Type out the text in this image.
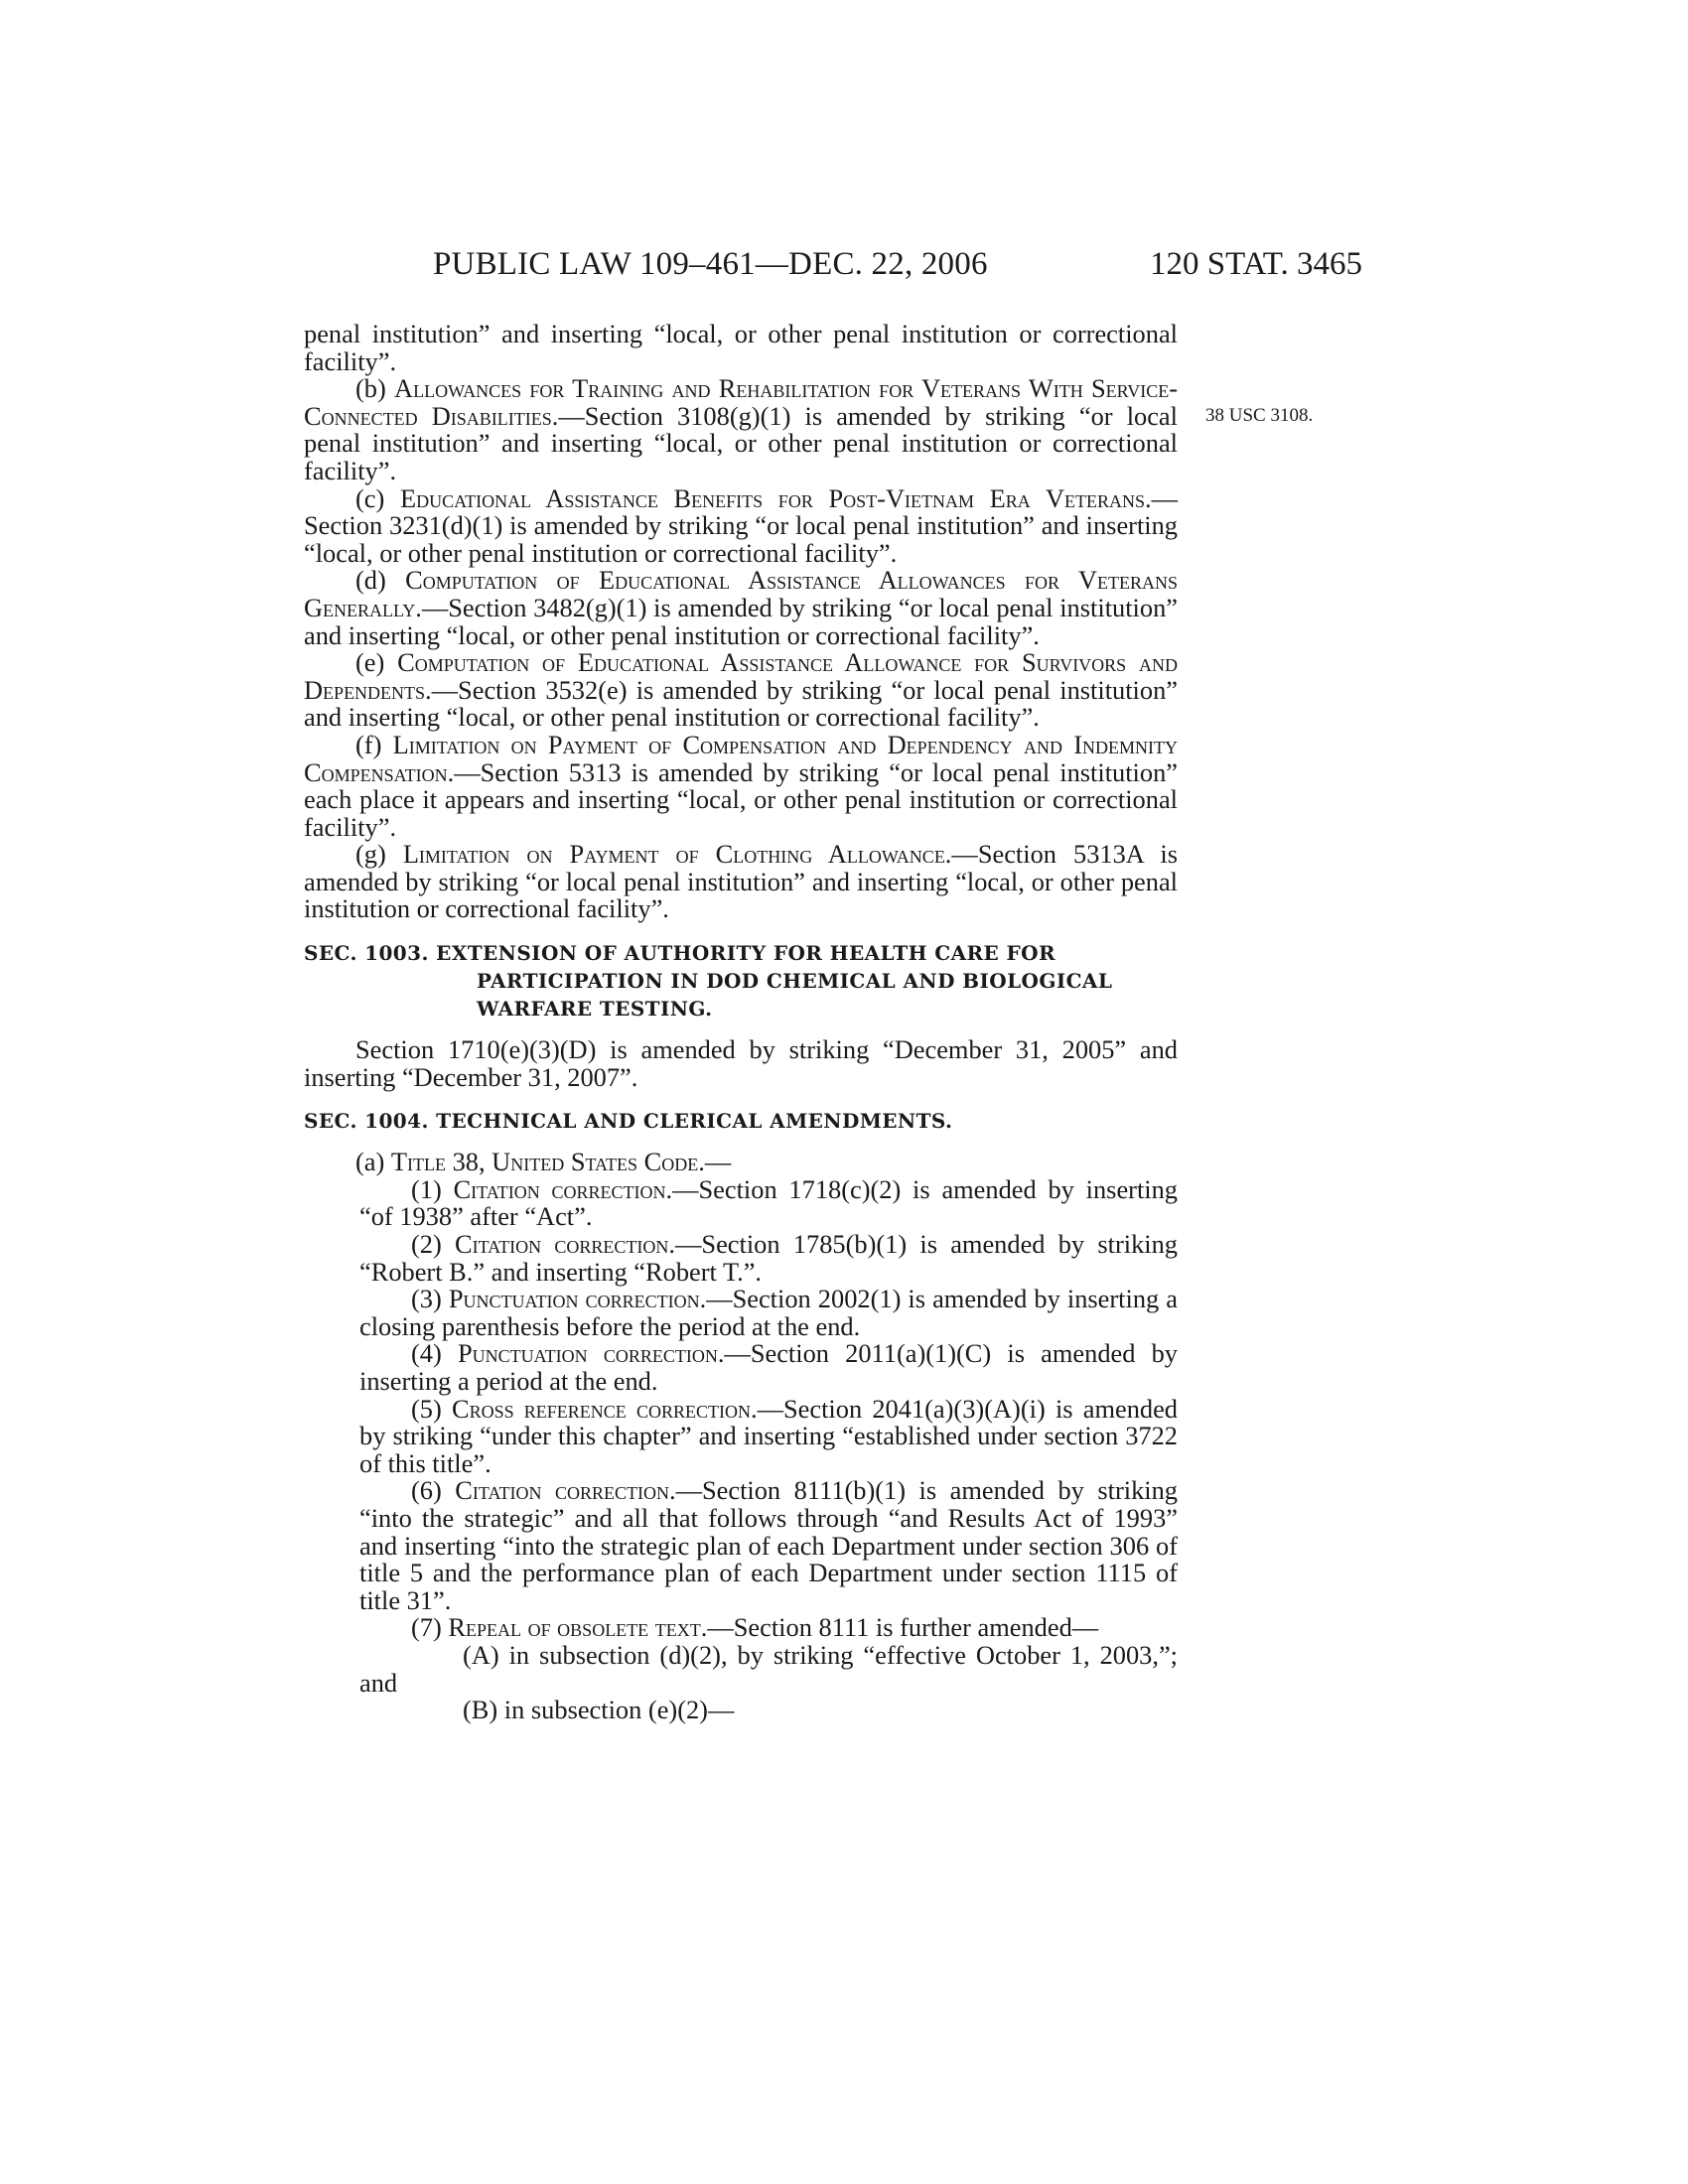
PUBLIC LAW 109–461—DEC. 22, 2006	120 STAT. 3465
38 USC 3108.

penal institution” and inserting “local, or other penal institution or correctional facility”.

(b) Allowances for Training and Rehabilitation for Veterans With Service-Connected Disabilities.—Section 3108(g)(1) is amended by striking “or local penal institution” and inserting “local, or other penal institution or correctional facility”.

(c) Educational Assistance Benefits for Post-Vietnam Era Veterans.—Section 3231(d)(1) is amended by striking “or local penal institution” and inserting “local, or other penal institution or correctional facility”.

(d) Computation of Educational Assistance Allowances for Veterans Generally.—Section 3482(g)(1) is amended by striking “or local penal institution” and inserting “local, or other penal institution or correctional facility”.

(e) Computation of Educational Assistance Allowance for Survivors and Dependents.—Section 3532(e) is amended by striking “or local penal institution” and inserting “local, or other penal institution or correctional facility”.

(f) Limitation on Payment of Compensation and Dependency and Indemnity Compensation.—Section 5313 is amended by striking “or local penal institution” each place it appears and inserting “local, or other penal institution or correctional facility”.

(g) Limitation on Payment of Clothing Allowance.—Section 5313A is amended by striking “or local penal institution” and inserting “local, or other penal institution or correctional facility”.

SEC. 1003. EXTENSION OF AUTHORITY FOR HEALTH CARE FOR PARTICIPATION IN DOD CHEMICAL AND BIOLOGICAL WARFARE TESTING.

Section 1710(e)(3)(D) is amended by striking “December 31, 2005” and inserting “December 31, 2007”.

SEC. 1004. TECHNICAL AND CLERICAL AMENDMENTS.

(a) Title 38, United States Code.—

(1) Citation correction.—Section 1718(c)(2) is amended by inserting “of 1938” after “Act”.

(2) Citation correction.—Section 1785(b)(1) is amended by striking “Robert B.” and inserting “Robert T.”.

(3) Punctuation correction.—Section 2002(1) is amended by inserting a closing parenthesis before the period at the end.

(4) Punctuation correction.—Section 2011(a)(1)(C) is amended by inserting a period at the end.

(5) Cross reference correction.—Section 2041(a)(3)(A)(i) is amended by striking “under this chapter” and inserting “established under section 3722 of this title”.

(6) Citation correction.—Section 8111(b)(1) is amended by striking “into the strategic” and all that follows through “and Results Act of 1993” and inserting “into the strategic plan of each Department under section 306 of title 5 and the performance plan of each Department under section 1115 of title 31”.

(7) Repeal of obsolete text.—Section 8111 is further amended—

(A) in subsection (d)(2), by striking “effective October 1, 2003,”; and

(B) in subsection (e)(2)—
